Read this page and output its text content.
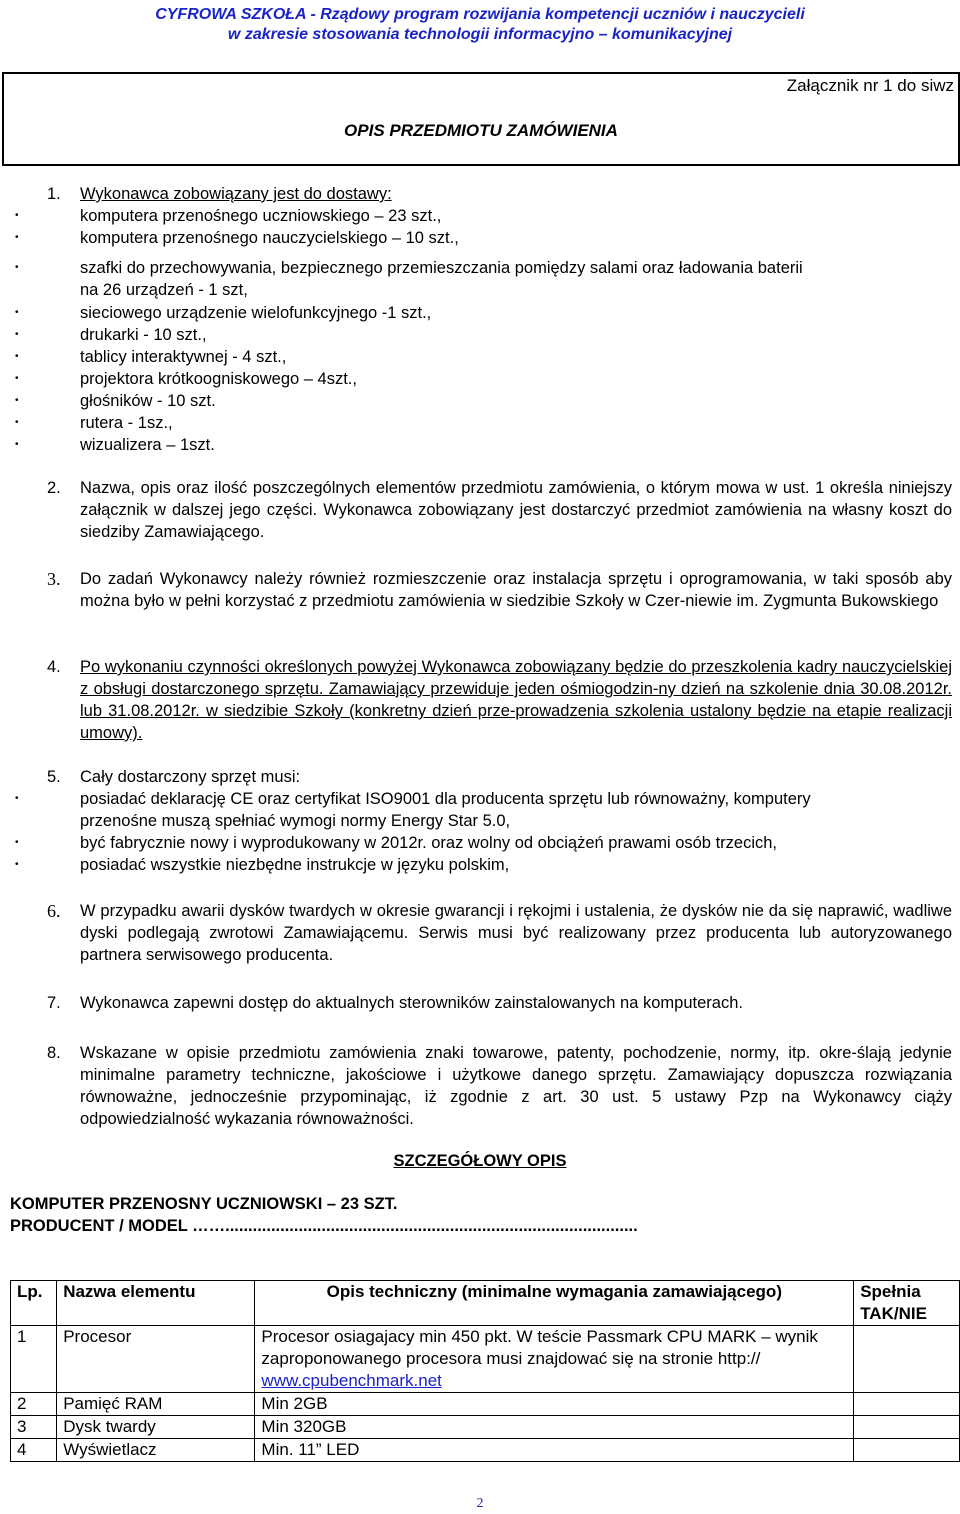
CYFROWA SZKOŁA - Rządowy program rozwijania kompetencji uczniów i nauczycieli
w zakresie stosowania technologii informacyjno – komunikacyjnej
Załącznik nr 1 do siwz
OPIS PRZEDMIOTU ZAMÓWIENIA
1. Wykonawca zobowiązany jest do dostawy:
•	komputera przenośnego uczniowskiego – 23 szt.,
•	komputera przenośnego nauczycielskiego – 10 szt.,
•	szafki do przechowywania, bezpiecznego przemieszczania pomiędzy salami oraz ładowania baterii
na 26 urządzeń - 1 szt,
•	sieciowego urządzenie wielofunkcyjnego -1 szt.,
•	drukarki - 10 szt.,
•	tablicy interaktywnej - 4 szt.,
•	projektora krótkoogniskowego – 4szt.,
•	głośników - 10 szt.
•	rutera - 1sz.,
•	wizualizera – 1szt.
2. Nazwa, opis oraz ilość poszczególnych elementów przedmiotu zamówienia, o którym mowa w ust. 1 określa niniejszy załącznik w dalszej jego części. Wykonawca zobowiązany jest dostarczyć przedmiot zamówienia na własny koszt do siedziby Zamawiającego.
3. Do zadań Wykonawcy należy również rozmieszczenie oraz instalacja sprzętu i oprogramowania, w taki sposób aby można było w pełni korzystać z przedmiotu zamówienia w siedzibie Szkoły w Czer-niewie im. Zygmunta Bukowskiego
4. Po wykonaniu czynności określonych powyżej Wykonawca zobowiązany będzie do przeszkolenia kadry nauczycielskiej z obsługi dostarczonego sprzętu. Zamawiający przewiduje jeden ośmiogodzin-ny dzień na szkolenie dnia 30.08.2012r. lub 31.08.2012r. w siedzibie Szkoły (konkretny dzień prze-prowadzenia szkolenia ustalony będzie na etapie realizacji umowy).
5. Cały dostarczony sprzęt musi:
•	posiadać deklarację CE oraz certyfikat ISO9001 dla producenta sprzętu lub równoważny, komputery
przenośne muszą spełniać wymogi normy Energy Star 5.0,
•	być fabrycznie nowy i wyprodukowany w 2012r. oraz wolny od obciążeń prawami osób trzecich,
•	posiadać wszystkie niezbędne instrukcje w języku polskim,
6. W przypadku awarii dysków twardych w okresie gwarancji i rękojmi i ustalenia, że dysków nie da się naprawić, wadliwe dyski podlegają zwrotowi Zamawiającemu. Serwis musi być realizowany przez producenta lub autoryzowanego partnera serwisowego producenta.
7. Wykonawca zapewni dostęp do aktualnych sterowników zainstalowanych na komputerach.
8. Wskazane w opisie przedmiotu zamówienia znaki towarowe, patenty, pochodzenie, normy, itp. okre-ślają jedynie minimalne parametry techniczne, jakościowe i użytkowe danego sprzętu. Zamawiający dopuszcza rozwiązania równoważne, jednocześnie przypominając, iż zgodnie z art. 30 ust. 5 ustawy Pzp na Wykonawcy ciąży odpowiedzialność wykazania równoważności.
SZCZEGÓŁOWY OPIS
KOMPUTER PRZENOSNY UCZNIOWSKI – 23 SZT.
PRODUCENT / MODEL ……..........................................................................................
Lp.	Nazwa elementu	Opis techniczny (minimalne wymagania zamawiającego)	Spełnia TAK/NIE
1	Procesor	Procesor osiagajacy min 450 pkt. W teście Passmark CPU MARK – wynik zaproponowanego procesora musi znajdować się na stronie http:// www.cpubenchmark.net	
2	Pamięć RAM	Min 2GB	
3	Dysk twardy	Min 320GB	
4	Wyświetlacz	Min. 11” LED	
2
